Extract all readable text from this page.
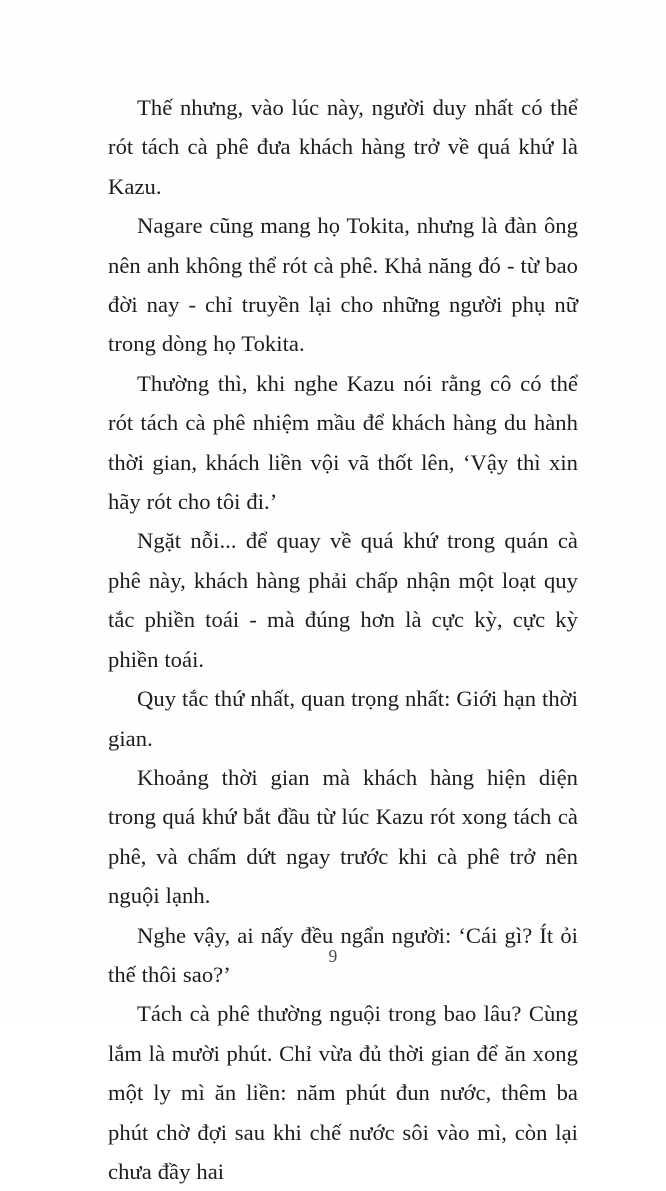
Thế nhưng, vào lúc này, người duy nhất có thể rót tách cà phê đưa khách hàng trở về quá khứ là Kazu.

Nagare cũng mang họ Tokita, nhưng là đàn ông nên anh không thể rót cà phê. Khả năng đó - từ bao đời nay - chỉ truyền lại cho những người phụ nữ trong dòng họ Tokita.

Thường thì, khi nghe Kazu nói rằng cô có thể rót tách cà phê nhiệm mầu để khách hàng du hành thời gian, khách liền vội vã thốt lên, ‘Vậy thì xin hãy rót cho tôi đi.’

Ngặt nỗi... để quay về quá khứ trong quán cà phê này, khách hàng phải chấp nhận một loạt quy tắc phiền toái - mà đúng hơn là cực kỳ, cực kỳ phiền toái.

Quy tắc thứ nhất, quan trọng nhất: Giới hạn thời gian.

Khoảng thời gian mà khách hàng hiện diện trong quá khứ bắt đầu từ lúc Kazu rót xong tách cà phê, và chấm dứt ngay trước khi cà phê trở nên nguội lạnh.

Nghe vậy, ai nấy đều ngẩn người: ‘Cái gì? Ít ỏi thế thôi sao?’

Tách cà phê thường nguội trong bao lâu? Cùng lắm là mười phút. Chỉ vừa đủ thời gian để ăn xong một ly mì ăn liền: năm phút đun nước, thêm ba phút chờ đợi sau khi chế nước sôi vào mì, còn lại chưa đầy hai

9
